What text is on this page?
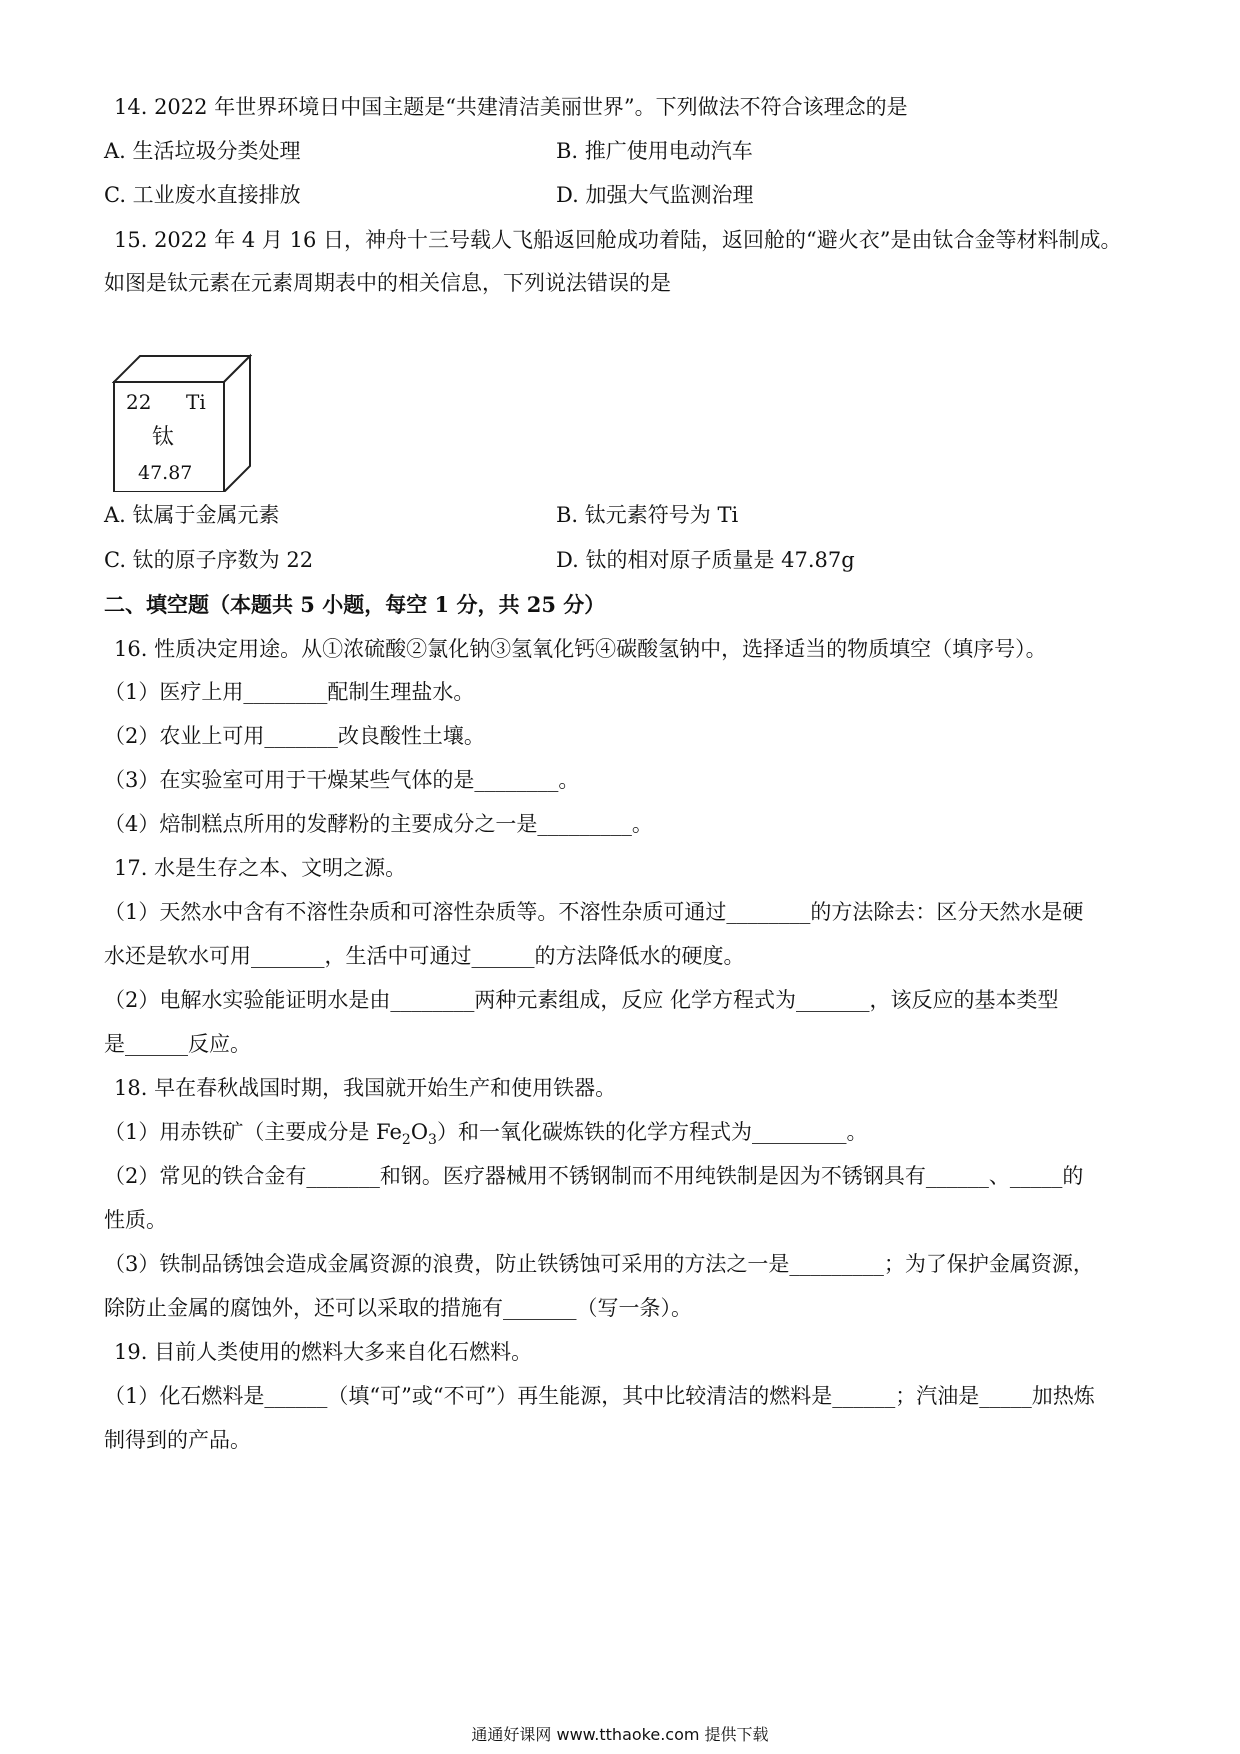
14. 2022 年世界环境日中国主题是“共建清洁美丽世界”。下列做法不符合该理念的是
A. 生活垃圾分类处理	B. 推广使用电动汽车
C. 工业废水直接排放	D. 加强大气监测治理
15. 2022 年 4 月 16 日，神舟十三号载人飞船返回舱成功着陆，返回舱的“避火衣”是由钛合金等材料制成。
如图是钛元素在元素周期表中的相关信息，下列说法错误的是
22 Ti
钛
47.87
A. 钛属于金属元素	B. 钛元素符号为 Ti
C. 钛的原子序数为 22	D. 钛的相对原子质量是 47.87g
二、填空题（本题共 5 小题，每空 1 分，共 25 分）
16. 性质决定用途。从①浓硫酸②氯化钠③氢氧化钙④碳酸氢钠中，选择适当的物质填空（填序号）。
（1）医疗上用________配制生理盐水。
（2）农业上可用_______改良酸性土壤。
（3）在实验室可用于干燥某些气体的是________。
（4）焙制糕点所用的发酵粉的主要成分之一是_________。
17. 水是生存之本、文明之源。
（1）天然水中含有不溶性杂质和可溶性杂质等。不溶性杂质可通过________的方法除去：区分天然水是硬
水还是软水可用_______，生活中可通过______的方法降低水的硬度。
（2）电解水实验能证明水是由________两种元素组成，反应 化学方程式为_______，该反应的基本类型
是______反应。
18. 早在春秋战国时期，我国就开始生产和使用铁器。
（1）用赤铁矿（主要成分是 $Fe_2O_3$）和一氧化碳炼铁的化学方程式为_________。
（2）常见的铁合金有_______和钢。医疗器械用不锈钢制而不用纯铁制是因为不锈钢具有______、_____的
性质。
（3）铁制品锈蚀会造成金属资源的浪费，防止铁锈蚀可采用的方法之一是_________；为了保护金属资源，
除防止金属的腐蚀外，还可以采取的措施有_______（写一条）。
19. 目前人类使用的燃料大多来自化石燃料。
（1）化石燃料是______（填“可”或“不可”）再生能源，其中比较清洁的燃料是______；汽油是_____加热炼
制得到的产品。
通通好课网 www.tthaoke.com 提供下载
